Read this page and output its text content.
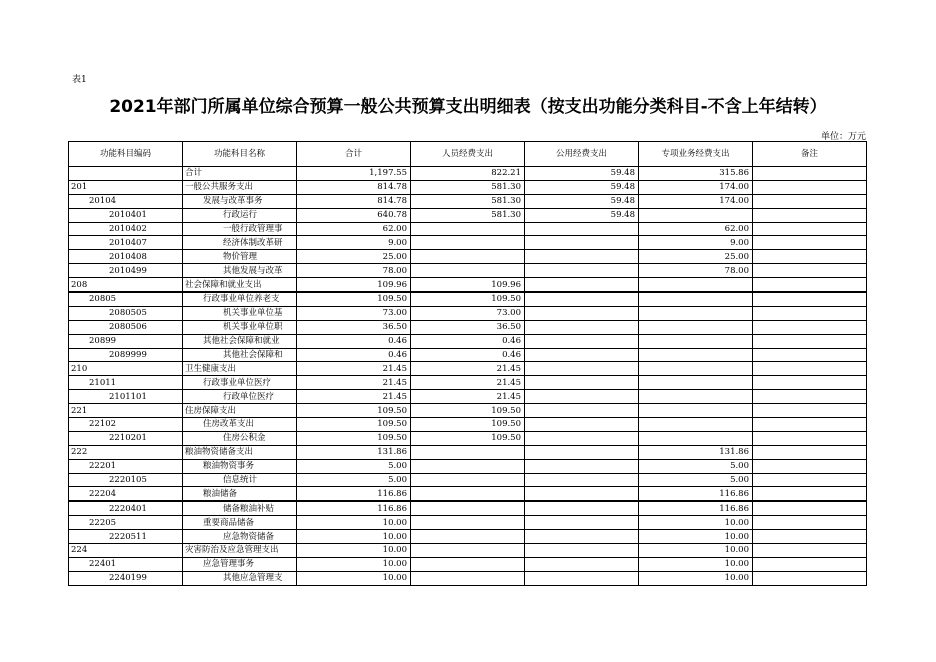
表1
2021年部门所属单位综合预算一般公共预算支出明细表（按支出功能分类科目-不含上年结转）
单位：万元
功能科目编码	功能科目名称	合计	人员经费支出	公用经费支出	专项业务经费支出	备注
	合计	1,197.55	822.21	59.48	315.86	
201	一般公共服务支出	814.78	581.30	59.48	174.00	
20104	发展与改革事务	814.78	581.30	59.48	174.00	
2010401	行政运行	640.78	581.30	59.48		
2010402	一般行政管理事	62.00			62.00	
2010407	经济体制改革研	9.00			9.00	
2010408	物价管理	25.00			25.00	
2010499	其他发展与改革	78.00			78.00	
208	社会保障和就业支出	109.96	109.96			
20805	行政事业单位养老支	109.50	109.50			
2080505	机关事业单位基	73.00	73.00			
2080506	机关事业单位职	36.50	36.50			
20899	其他社会保障和就业	0.46	0.46			
2089999	其他社会保障和	0.46	0.46			
210	卫生健康支出	21.45	21.45			
21011	行政事业单位医疗	21.45	21.45			
2101101	行政单位医疗	21.45	21.45			
221	住房保障支出	109.50	109.50			
22102	住房改革支出	109.50	109.50			
2210201	住房公积金	109.50	109.50			
222	粮油物资储备支出	131.86			131.86	
22201	粮油物资事务	5.00			5.00	
2220105	信息统计	5.00			5.00	
22204	粮油储备	116.86			116.86	
2220401	储备粮油补贴	116.86			116.86	
22205	重要商品储备	10.00			10.00	
2220511	应急物资储备	10.00			10.00	
224	灾害防治及应急管理支出	10.00			10.00	
22401	应急管理事务	10.00			10.00	
2240199	其他应急管理支	10.00			10.00	
